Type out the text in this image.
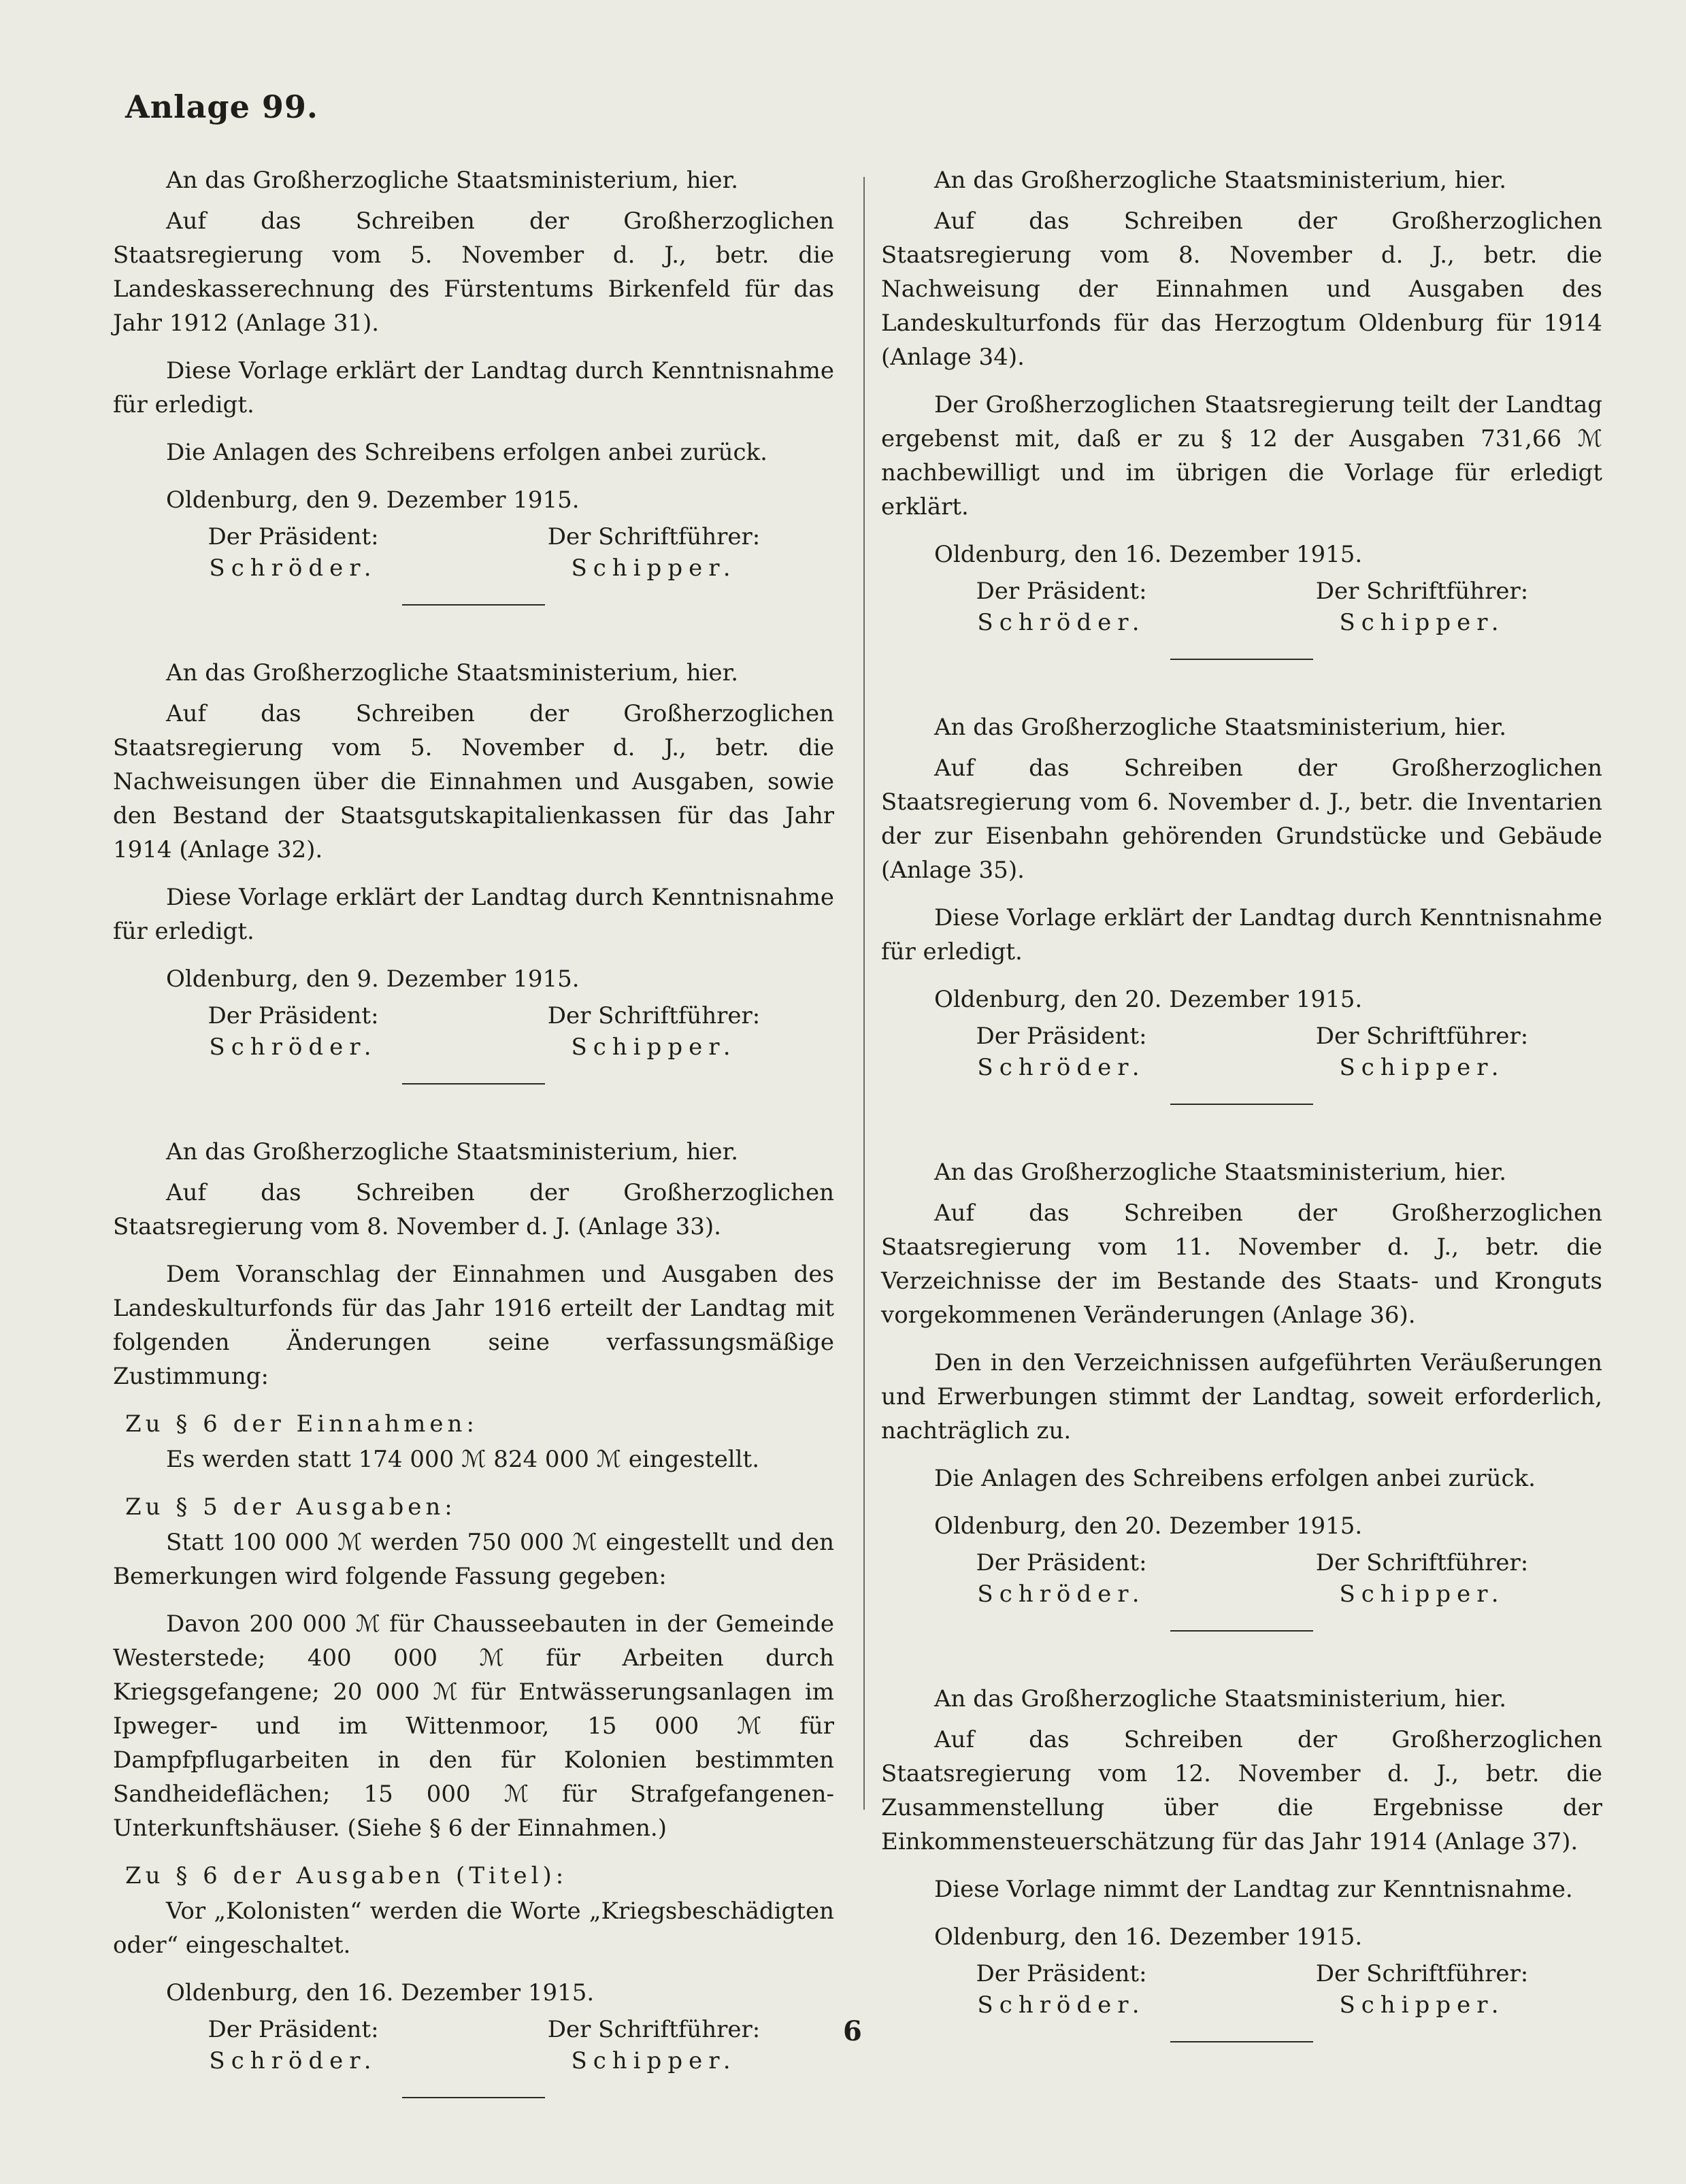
Anlage 99.
An das Großherzogliche Staatsministerium, hier.

Auf das Schreiben der Großherzoglichen Staatsregierung vom 5. November d. J., betr. die Landeskasserechnung des Fürstentums Birkenfeld für das Jahr 1912 (Anlage 31).

Diese Vorlage erklärt der Landtag durch Kenntnisnahme für erledigt.

Die Anlagen des Schreibens erfolgen anbei zurück.

Oldenburg, den 9. Dezember 1915.
Der Präsident:
Schröder.
Der Schriftführer:
Schipper.
An das Großherzogliche Staatsministerium, hier.

Auf das Schreiben der Großherzoglichen Staatsregierung vom 5. November d. J., betr. die Nachweisungen über die Einnahmen und Ausgaben, sowie den Bestand der Staatsgutskapitalienkassen für das Jahr 1914 (Anlage 32).

Diese Vorlage erklärt der Landtag durch Kenntnisnahme für erledigt.

Oldenburg, den 9. Dezember 1915.
Der Präsident:
Schröder.
Der Schriftführer:
Schipper.
An das Großherzogliche Staatsministerium, hier.

Auf das Schreiben der Großherzoglichen Staatsregierung vom 8. November d. J. (Anlage 33).

Dem Voranschlag der Einnahmen und Ausgaben des Landeskulturfonds für das Jahr 1916 erteilt der Landtag mit folgenden Änderungen seine verfassungsmäßige Zustimmung:

Zu § 6 der Einnahmen:

Es werden statt 174 000 ℳ 824 000 ℳ eingestellt.

Zu § 5 der Ausgaben:

Statt 100 000 ℳ werden 750 000 ℳ eingestellt und den Bemerkungen wird folgende Fassung gegeben:

Davon 200 000 ℳ für Chausseebauten in der Gemeinde Westerstede; 400 000 ℳ für Arbeiten durch Kriegsgefangene; 20 000 ℳ für Entwässerungsanlagen im Ipweger- und im Wittenmoor, 15 000 ℳ für Dampfpflugarbeiten in den für Kolonien bestimmten Sandheideflächen; 15 000 ℳ für Strafgefangenen-Unterkunftshäuser. (Siehe § 6 der Einnahmen.)

Zu § 6 der Ausgaben (Titel):

Vor „Kolonisten“ werden die Worte „Kriegsbeschädigten oder“ eingeschaltet.

Oldenburg, den 16. Dezember 1915.
Der Präsident:
Schröder.
Der Schriftführer:
Schipper.
An das Großherzogliche Staatsministerium, hier.

Auf das Schreiben der Großherzoglichen Staatsregierung vom 8. November d. J., betr. die Nachweisung der Einnahmen und Ausgaben des Landeskulturfonds für das Herzogtum Oldenburg für 1914 (Anlage 34).

Der Großherzoglichen Staatsregierung teilt der Landtag ergebenst mit, daß er zu § 12 der Ausgaben 731,66 ℳ nachbewilligt und im übrigen die Vorlage für erledigt erklärt.

Oldenburg, den 16. Dezember 1915.
Der Präsident:
Schröder.
Der Schriftführer:
Schipper.
An das Großherzogliche Staatsministerium, hier.

Auf das Schreiben der Großherzoglichen Staatsregierung vom 6. November d. J., betr. die Inventarien der zur Eisenbahn gehörenden Grundstücke und Gebäude (Anlage 35).

Diese Vorlage erklärt der Landtag durch Kenntnisnahme für erledigt.

Oldenburg, den 20. Dezember 1915.
Der Präsident:
Schröder.
Der Schriftführer:
Schipper.
An das Großherzogliche Staatsministerium, hier.

Auf das Schreiben der Großherzoglichen Staatsregierung vom 11. November d. J., betr. die Verzeichnisse der im Bestande des Staats- und Kronguts vorgekommenen Veränderungen (Anlage 36).

Den in den Verzeichnissen aufgeführten Veräußerungen und Erwerbungen stimmt der Landtag, soweit erforderlich, nachträglich zu.

Die Anlagen des Schreibens erfolgen anbei zurück.

Oldenburg, den 20. Dezember 1915.
Der Präsident:
Schröder.
Der Schriftführer:
Schipper.
An das Großherzogliche Staatsministerium, hier.

Auf das Schreiben der Großherzoglichen Staatsregierung vom 12. November d. J., betr. die Zusammenstellung über die Ergebnisse der Einkommensteuerschätzung für das Jahr 1914 (Anlage 37).

Diese Vorlage nimmt der Landtag zur Kenntnisnahme.

Oldenburg, den 16. Dezember 1915.
Der Präsident:
Schröder.
Der Schriftführer:
Schipper.
6
